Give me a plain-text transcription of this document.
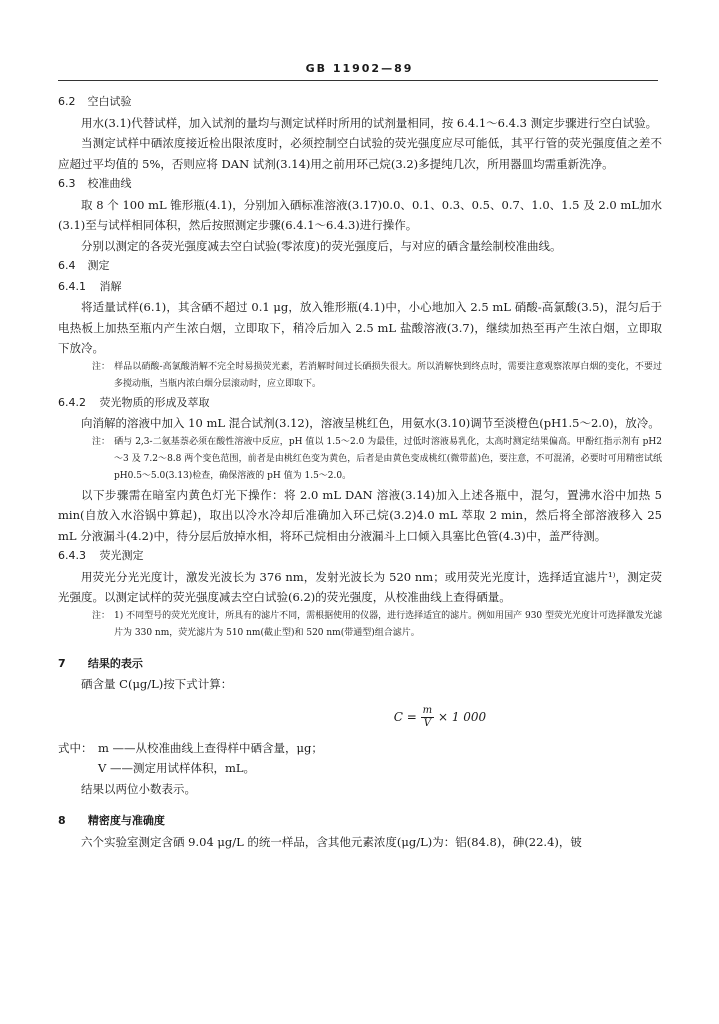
GB 11902—89

6.2 空白试验

用水(3.1)代替试样，加入试剂的量均与测定试样时所用的试剂量相同，按 6.4.1～6.4.3 测定步骤进行空白试验。

当测定试样中硒浓度接近检出限浓度时，必须控制空白试验的荧光强度应尽可能低，其平行管的荧光强度值之差不应超过平均值的 5%，否则应将 DAN 试剂(3.14)用之前用环己烷(3.2)多提纯几次，所用器皿均需重新洗净。

6.3 校准曲线

取 8 个 100 mL 锥形瓶(4.1)，分别加入硒标准溶液(3.17)0.0、0.1、0.3、0.5、0.7、1.0、1.5 及 2.0 mL加水(3.1)至与试样相同体积，然后按照测定步骤(6.4.1～6.4.3)进行操作。

分别以测定的各荧光强度减去空白试验(零浓度)的荧光强度后，与对应的硒含量绘制校准曲线。

6.4 测定

6.4.1 消解

将适量试样(6.1)，其含硒不超过 0.1 μg，放入锥形瓶(4.1)中，小心地加入 2.5 mL 硝酸-高氯酸(3.5)，混匀后于电热板上加热至瓶内产生浓白烟，立即取下，稍冷后加入 2.5 mL 盐酸溶液(3.7)，继续加热至再产生浓白烟，立即取下放冷。

注： 样品以硝酸-高氯酸消解不完全时易损荧光素，若消解时间过长硒损失很大。所以消解快到终点时，需要注意观察浓厚白烟的变化，不要过多搅动瓶，当瓶内浓白烟分层滚动时，应立即取下。

6.4.2 荧光物质的形成及萃取

向消解的溶液中加入 10 mL 混合试剂(3.12)，溶液呈桃红色，用氨水(3.10)调节至淡橙色(pH1.5～2.0)，放冷。

注： 硒与 2,3-二氨基萘必须在酸性溶液中反应，pH 值以 1.5～2.0 为最佳，过低时溶液易乳化，太高时测定结果偏高。甲酚红指示剂有 pH2～3 及 7.2～8.8 两个变色范围，前者是由桃红色变为黄色，后者是由黄色变成桃红(微带蓝)色，要注意，不可混淆，必要时可用精密试纸 pH0.5～5.0(3.13)检查，确保溶液的 pH 值为 1.5～2.0。

以下步骤需在暗室内黄色灯光下操作：将 2.0 mL DAN 溶液(3.14)加入上述各瓶中，混匀，置沸水浴中加热 5 min(自放入水浴锅中算起)，取出以冷水冷却后准确加入环己烷(3.2)4.0 mL 萃取 2 min，然后将全部溶液移入 25 mL 分液漏斗(4.2)中，待分层后放掉水相，将环己烷相由分液漏斗上口倾入具塞比色管(4.3)中，盖严待测。

6.4.3 荧光测定

用荧光分光光度计，激发光波长为 376 nm，发射光波长为 520 nm；或用荧光光度计，选择适宜滤片¹⁾，测定荧光强度。以测定试样的荧光强度减去空白试验(6.2)的荧光强度，从校准曲线上查得硒量。

注： 1) 不同型号的荧光光度计，所具有的滤片不同，需根据使用的仪器，进行选择适宜的滤片。例如用国产 930 型荧光光度计可选择激发光滤片为 330 nm，荧光滤片为 510 nm(截止型)和 520 nm(带通型)组合滤片。

7 结果的表示

硒含量 C(μg/L)按下式计算：

$C = \frac{m}{V} \times 1$ 000

式中： m ——从校准曲线上查得样中硒含量，μg；

V ——测定用试样体积，mL。

结果以两位小数表示。

8 精密度与准确度

六个实验室测定含硒 9.04 μg/L 的统一样品，含其他元素浓度(μg/L)为：铝(84.8)，砷(22.4)，铍
